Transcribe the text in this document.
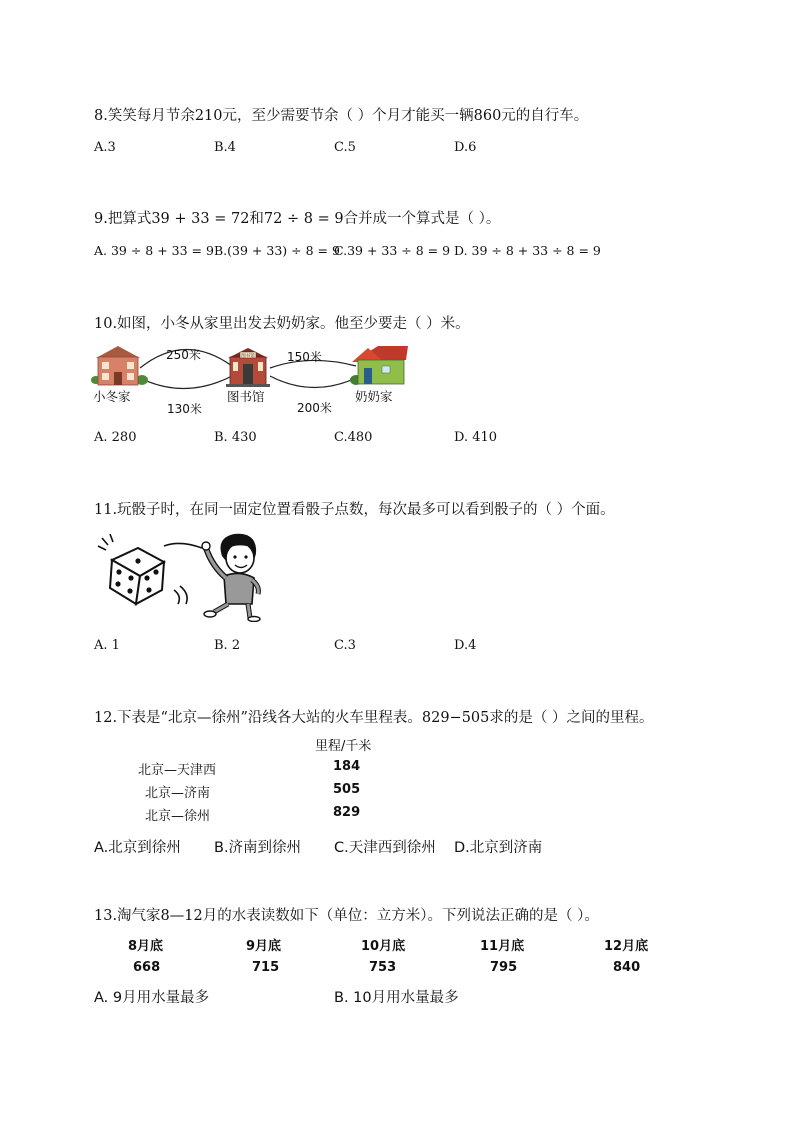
8.笑笑每月节余210元，至少需要节余（ ）个月才能买一辆860元的自行车。
A.3	B.4	C.5	D.6
9.把算式39 + 33 = 72和72 ÷ 8 = 9合并成一个算式是（ ）。
A. 39 ÷ 8 + 33 = 9 B.(39 + 33) ÷ 8 = 9
C.39 + 33 ÷ 8 = 9 D. 39 ÷ 8 + 33 ÷ 8 = 9
10.如图，小冬从家里出发去奶奶家。他至少要走（ ）米。
图书馆
250米
130米
150米
200米
小冬家	图书馆	奶奶家
A. 280	B. 430	C.480	D. 410
11.玩骰子时，在同一固定位置看骰子点数，每次最多可以看到骰子的（ ）个面。
A. 1	B. 2	C.3	D.4
12.下表是“北京—徐州”沿线各大站的火车里程表。829−505求的是（ ）之间的里程。
里程/千米
北京—天津西	184
北京—济南	505
北京—徐州	829
A.北京到徐州 B.济南到徐州 C.天津西到徐州 D.北京到济南
13.淘气家8—12月的水表读数如下（单位：立方米）。下列说法正确的是（ ）。
8月底	9月底	10月底	11月底	12月底
668	715	753	795	840
A. 9月用水量最多	B. 10月用水量最多
